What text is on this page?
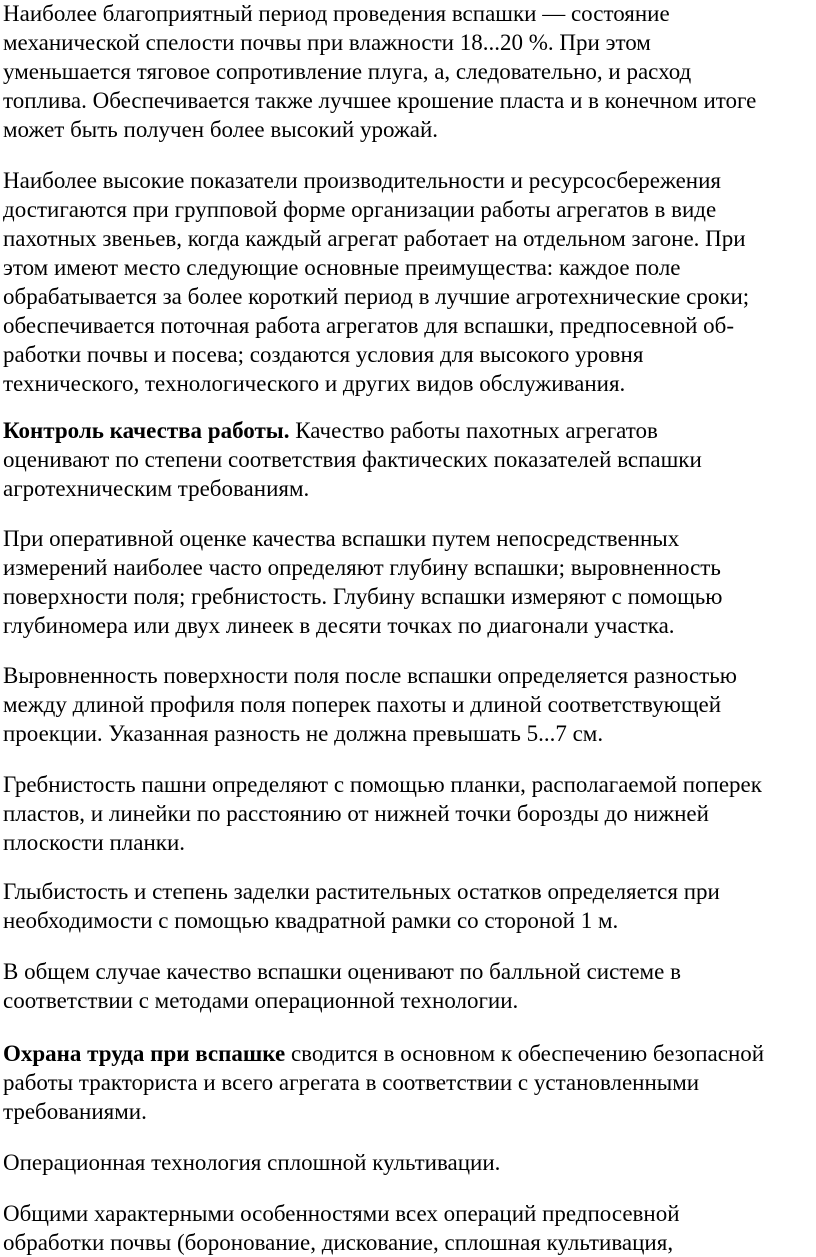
Наиболее благоприятный период проведения вспашки — состояние
механической спелости почвы при влажности 18...20 %. При этом
уменьшается тяговое сопротивление плуга, а, следовательно, и расход
топлива. Обеспечивается также лучшее крошение пласта и в конечном итоге
может быть получен более высокий урожай.

Наиболее высокие показатели производительности и ресурсосбережения
достигаются при групповой форме организации работы агрегатов в виде
пахотных звеньев, когда каждый агрегат работает на отдельном загоне. При
этом имеют место следующие основные преимущества: каждое поле
обрабатывается за более короткий период в лучшие агротехнические сроки;
обеспечивается поточная работа агрегатов для вспашки, предпосевной об-
работки почвы и посева; создаются условия для высокого уровня
технического, технологического и других видов обслуживания.

Контроль качества работы. Качество работы пахотных агрегатов
оценивают по степени соответствия фактических показателей вспашки
агротехническим требованиям.

При оперативной оценке качества вспашки путем непосредственных
измерений наиболее часто определяют глубину вспашки; выровненность
поверхности поля; гребнистость. Глубину вспашки измеряют с помощью
глубиномера или двух линеек в десяти точках по диагонали участка.

Выровненность поверхности поля после вспашки определяется разностью
между длиной профиля поля поперек пахоты и длиной соответствующей
проекции. Указанная разность не должна превышать 5...7 см.

Гребнистость пашни определяют с помощью планки, располагаемой поперек
пластов, и линейки по расстоянию от нижней точки борозды до нижней
плоскости планки.

Глыбистость и степень заделки растительных остатков определяется при
необходимости с помощью квадратной рамки со стороной 1 м.

В общем случае качество вспашки оценивают по балльной системе в
соответствии с методами операционной технологии.

Охрана труда при вспашке сводится в основном к обеспечению безопасной
работы тракториста и всего агрегата в соответствии с установленными
требованиями.

Операционная технология сплошной культивации.

Общими характерными особенностями всех операций предпосевной
обработки почвы (боронование, дискование, сплошная культивация,
